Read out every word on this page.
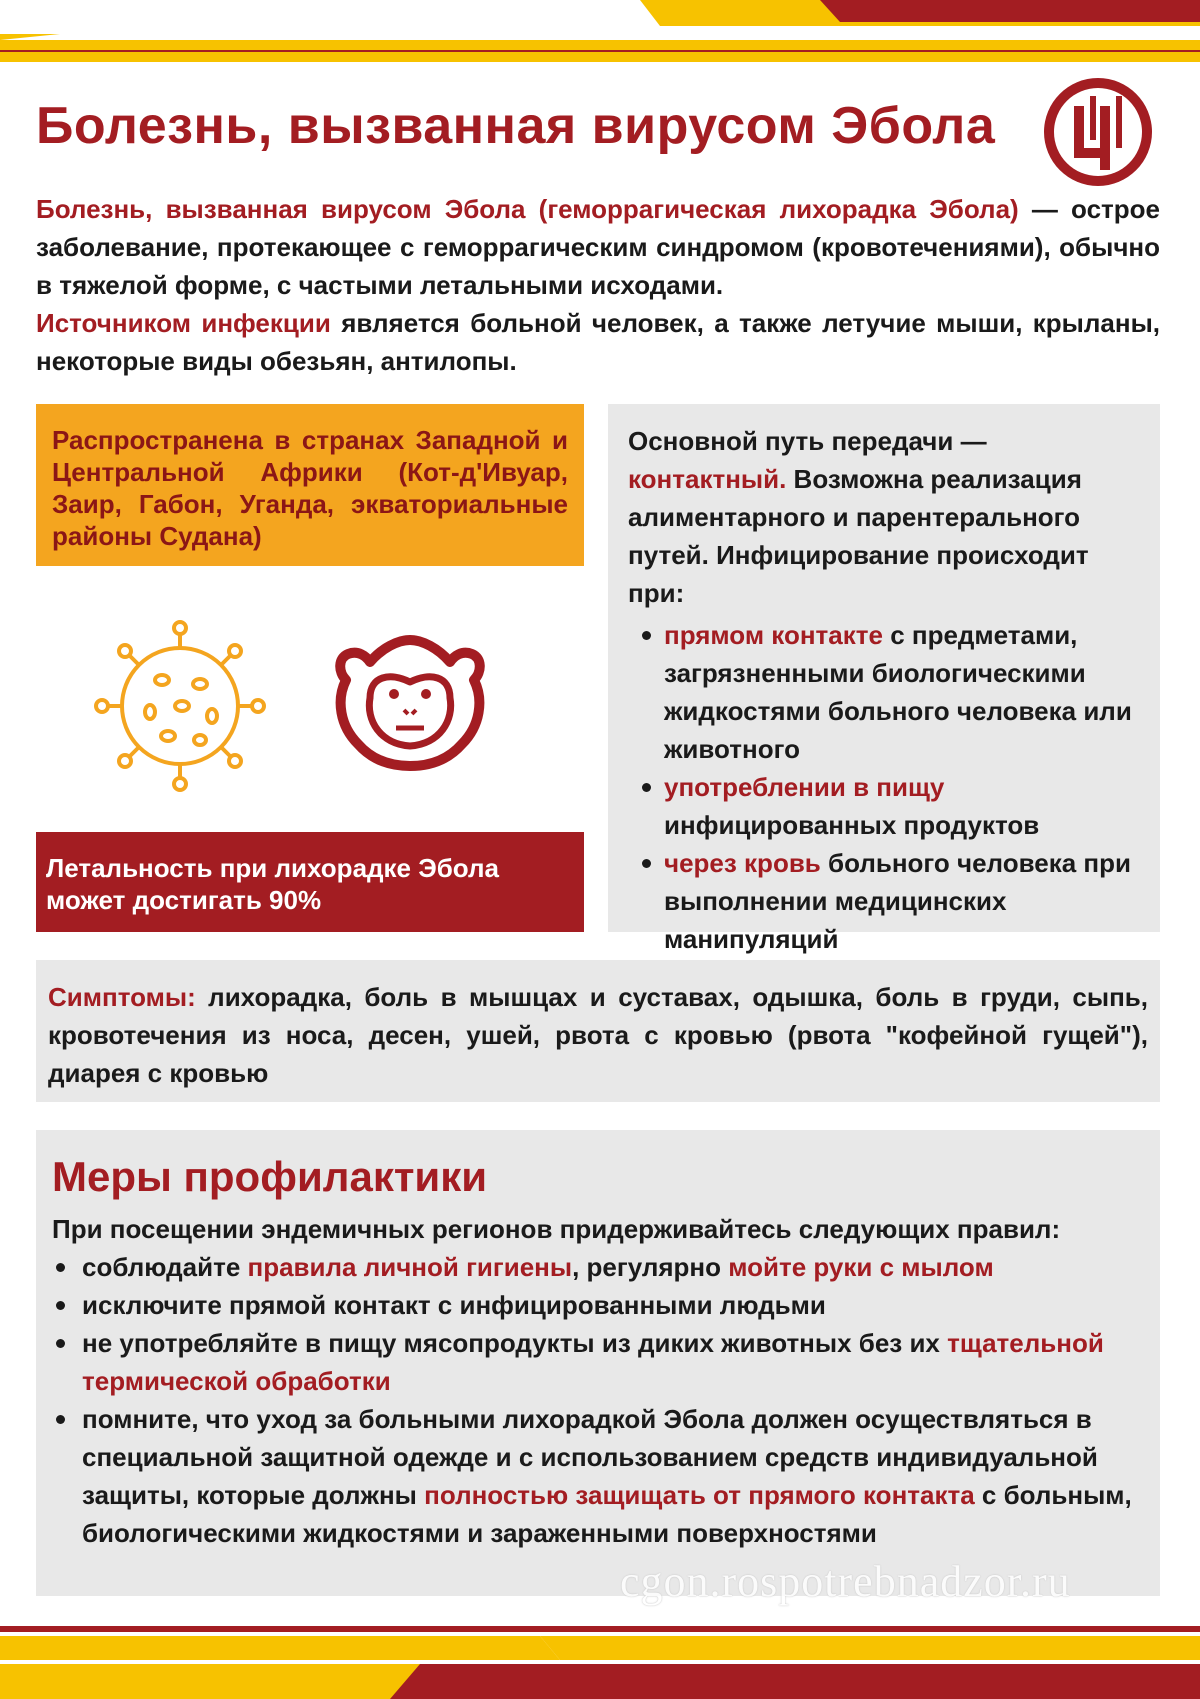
Болезнь, вызванная вирусом Эбола

Болезнь, вызванная вирусом Эбола (геморрагическая лихорадка Эбола) — острое заболевание, протекающее с геморрагическим синдромом (кровотечениями), обычно в тяжелой форме, с частыми летальными исходами.

Источником инфекции является больной человек, а также летучие мыши, крыланы, некоторые виды обезьян, антилопы.

Распространена в странах Западной и Центральной Африки (Кот-д'Ивуар, Заир, Габон, Уганда, экваториальные районы Судана)
Летальность при лихорадке Эбола может достигать 90%

Основной путь передачи — контактный. Возможна реализация алиментарного и парентерального путей. Инфицирование происходит при:

прямом контакте с предметами, загрязненными биологическими жидкостями больного человека или животного
употреблении в пищу инфицированных продуктов
через кровь больного человека при выполнении медицинских манипуляций
Симптомы: лихорадка, боль в мышцах и суставах, одышка, боль в груди, сыпь, кровотечения из носа, десен, ушей, рвота с кровью (рвота "кофейной гущей"), диарея с кровью
Меры профилактики

При посещении эндемичных регионов придерживайтесь следующих правил:

соблюдайте правила личной гигиены, регулярно мойте руки с мылом
исключите прямой контакт с инфицированными людьми
не употребляйте в пищу мясопродукты из диких животных без их тщательной термической обработки
помните, что уход за больными лихорадкой Эбола должен осуществляться в специальной защитной одежде и с использованием средств индивидуальной защиты, которые должны полностью защищать от прямого контакта с больным, биологическими жидкостями и зараженными поверхностями
cgon.rospotrebnadzor.ru
